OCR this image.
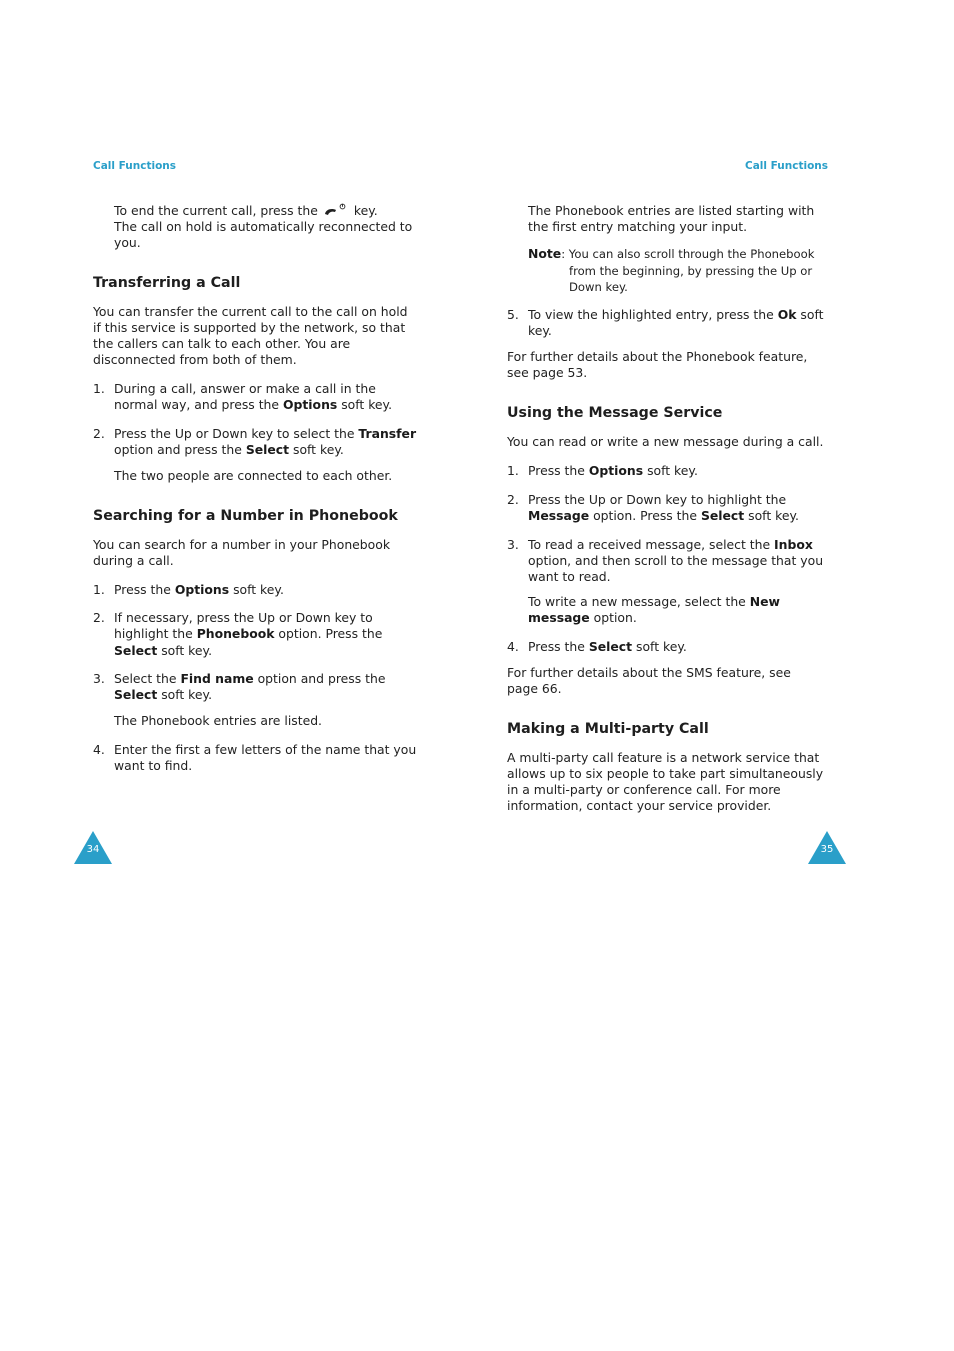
Call Functions	Call Functions

To end the current call, press the	key.

The call on hold is automatically reconnected to

you.

Transferring a Call

You can transfer the current call to the call on hold

if this service is supported by the network, so that

the callers can talk to each other. You are

disconnected from both of them.

1. During a call, answer or make a call in the

normal way, and press the Options soft key.

2. Press the Up or Down key to select the Transfer

option and press the Select soft key.

The two people are connected to each other.

Searching for a Number in Phonebook

You can search for a number in your Phonebook

during a call.

1. Press the Options soft key.

2. If necessary, press the Up or Down key to

highlight the Phonebook option. Press the

Select soft key.

3. Select the Find name option and press the

Select soft key.

The Phonebook entries are listed.

4. Enter the first a few letters of the name that you

want to find.

34

The Phonebook entries are listed starting with

the first entry matching your input.

Note: You can also scroll through the Phonebook

from the beginning, by pressing the Up or

Down key.

5. To view the highlighted entry, press the Ok soft

key.

For further details about the Phonebook feature,

see page 53.

Using the Message Service

You can read or write a new message during a call.

1. Press the Options soft key.

2. Press the Up or Down key to highlight the

Message option. Press the Select soft key.

3. To read a received message, select the Inbox

option, and then scroll to the message that you

want to read.

To write a new message, select the New

message option.

4. Press the Select soft key.

For further details about the SMS feature, see

page 66.

Making a Multi-party Call

A multi-party call feature is a network service that

allows up to six people to take part simultaneously

in a multi-party or conference call. For more

information, contact your service provider.

35
